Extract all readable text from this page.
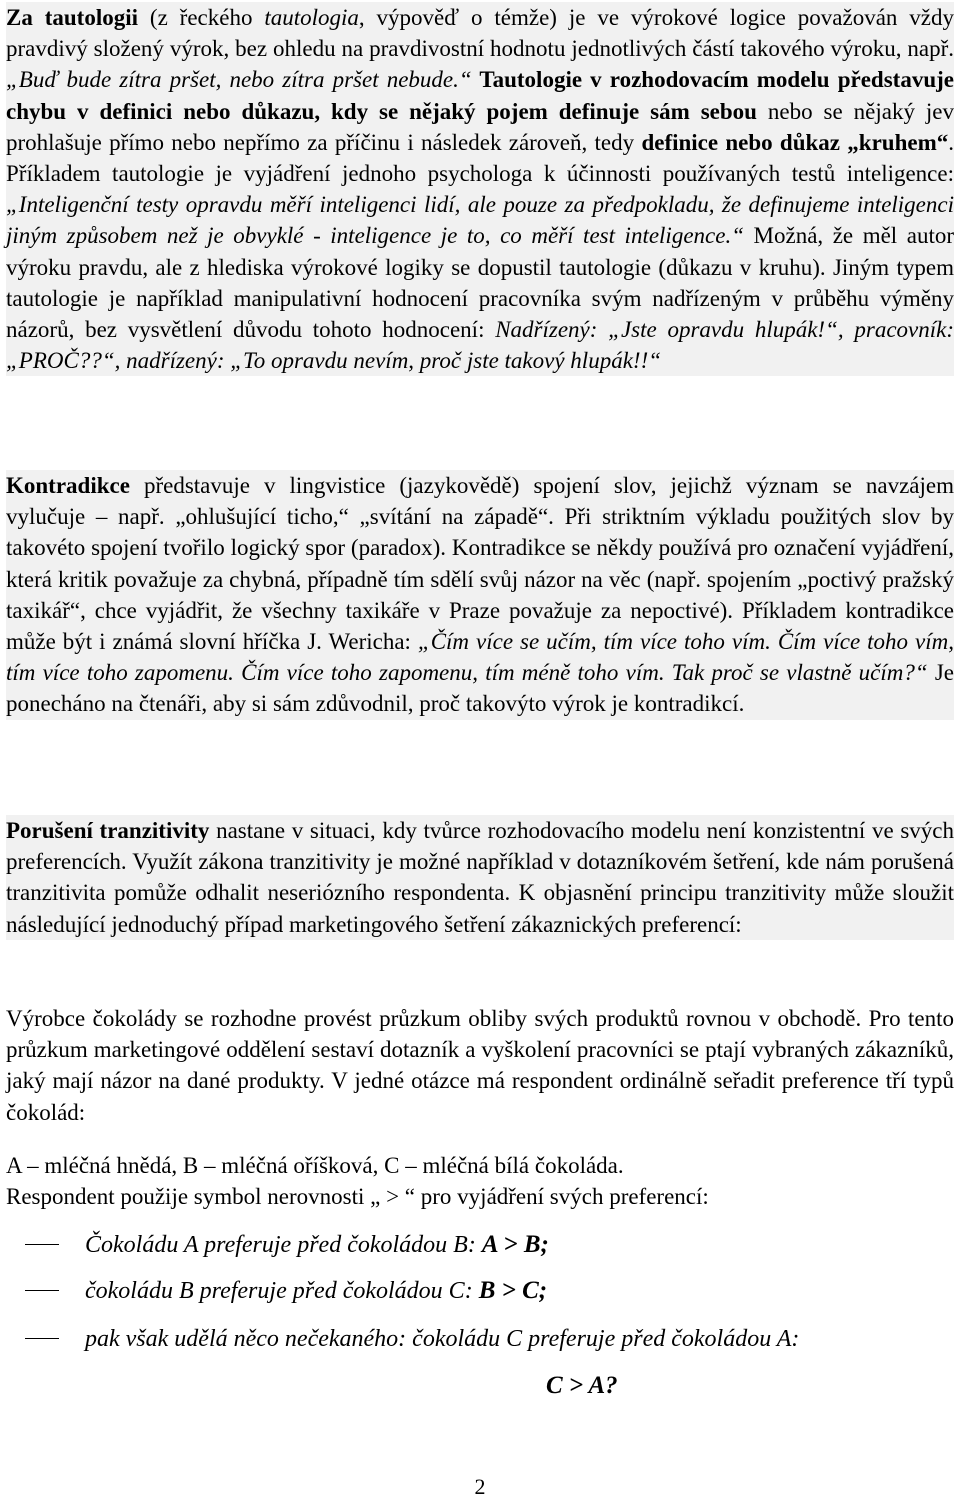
Za tautologii (z řeckého tautologia, výpověď o témže) je ve výrokové logice považován vždy pravdivý složený výrok, bez ohledu na pravdivostní hodnotu jednotlivých částí takového výroku, např. „Buď bude zítra pršet, nebo zítra pršet nebude.“ Tautologie v rozhodovacím modelu představuje chybu v definici nebo důkazu, kdy se nějaký pojem definuje sám sebou nebo se nějaký jev prohlašuje přímo nebo nepřímo za příčinu i následek zároveň, tedy definice nebo důkaz „kruhem“. Příkladem tautologie je vyjádření jednoho psychologa k účinnosti používaných testů inteligence: „Inteligenční testy opravdu měří inteligenci lidí, ale pouze za předpokladu, že definujeme inteligenci jiným způsobem než je obvyklé - inteligence je to, co měří test inteligence.“ Možná, že měl autor výroku pravdu, ale z hlediska výrokové logiky se dopustil tautologie (důkazu v kruhu). Jiným typem tautologie je například manipulativní hodnocení pracovníka svým nadřízeným v průběhu výměny názorů, bez vysvětlení důvodu tohoto hodnocení: Nadřízený: „Jste opravdu hlupák!“, pracovník: „PROČ??“, nadřízený: „To opravdu nevím, proč jste takový hlupák!!“

Kontradikce představuje v lingvistice (jazykovědě) spojení slov, jejichž význam se navzájem vylučuje – např. „ohlušující ticho,“ „svítání na západě“. Při striktním výkladu použitých slov by takovéto spojení tvořilo logický spor (paradox). Kontradikce se někdy používá pro označení vyjádření, která kritik považuje za chybná, případně tím sdělí svůj názor na věc (např. spojením „poctivý pražský taxikář“, chce vyjádřit, že všechny taxikáře v Praze považuje za nepoctivé). Příkladem kontradikce může být i známá slovní hříčka J. Wericha: „Čím více se učím, tím více toho vím. Čím více toho vím, tím více toho zapomenu. Čím více toho zapomenu, tím méně toho vím. Tak proč se vlastně učím?“ Je ponecháno na čtenáři, aby si sám zdůvodnil, proč takovýto výrok je kontradikcí.

Porušení tranzitivity nastane v situaci, kdy tvůrce rozhodovacího modelu není konzistentní ve svých preferencích. Využít zákona tranzitivity je možné například v dotazníkovém šetření, kde nám porušená tranzitivita pomůže odhalit neseriózního respondenta. K objasnění principu tranzitivity může sloužit následující jednoduchý případ marketingového šetření zákaznických preferencí:

Výrobce čokolády se rozhodne provést průzkum obliby svých produktů rovnou v obchodě. Pro tento průzkum marketingové oddělení sestaví dotazník a vyškolení pracovníci se ptají vybraných zákazníků, jaký mají názor na dané produkty. V jedné otázce má respondent ordinálně seřadit preference tří typů čokolád:

A – mléčná hnědá, B – mléčná oříšková, C – mléčná bílá čokoláda.

Respondent použije symbol nerovnosti „ > “ pro vyjádření svých preferencí:

Čokoládu A preferuje před čokoládou B: A > B;
čokoládu B preferuje před čokoládou C: B > C;
pak však udělá něco nečekaného: čokoládu C preferuje před čokoládou A:
C > A?
2
